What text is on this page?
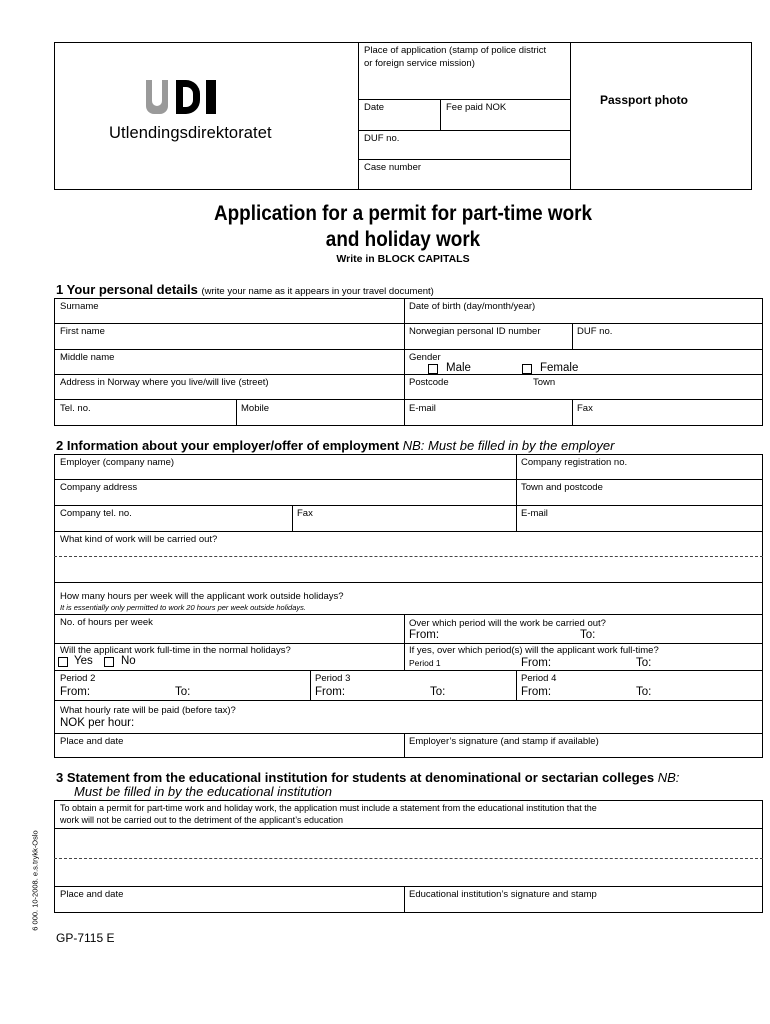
Utlendingsdirektoratet
Place of application (stamp of police district
or foreign service mission)
Date	Fee paid NOK
DUF no.
Case number
Passport photo
Application for a permit for part-time work
and holiday work
Write in BLOCK CAPITALS
1 Your personal details (write your name as it appears in your travel document)
Surname	Date of birth (day/month/year)
First name	Norwegian personal ID number	DUF no.
Middle name	Gender
Male	Female
Address in Norway where you live/will live (street)	Postcode	Town
Tel. no.	Mobile	E-mail	Fax
2 Information about your employer/offer of employment NB: Must be filled in by the employer
Employer (company name)	Company registration no.
Company address	Town and postcode
Company tel. no.	Fax	E-mail
What kind of work will be carried out?
How many hours per week will the applicant work outside holidays?
It is essentially only permitted to work 20 hours per week outside holidays.
No. of hours per week	Over which period will the work be carried out?
From:	To:
Will the applicant work full-time in the normal holidays?
Yes No
If yes, over which period(s) will the applicant work full-time?
Period 1	From:	To:
Period 2
From:	To:
Period 3
From:	To:
Period 4
From:	To:
What hourly rate will be paid (before tax)?
NOK per hour:
Place and date	Employer’s signature (and stamp if available)
3 Statement from the educational institution for students at denominational or sectarian colleges NB:
Must be filled in by the educational institution
To obtain a permit for part-time work and holiday work, the application must include a statement from the educational institution that the
work will not be carried out to the detriment of the applicant’s education
Place and date	Educational institution’s signature and stamp
6 000. 10-2008. e.s.trykk-Oslo
GP-7115 E
